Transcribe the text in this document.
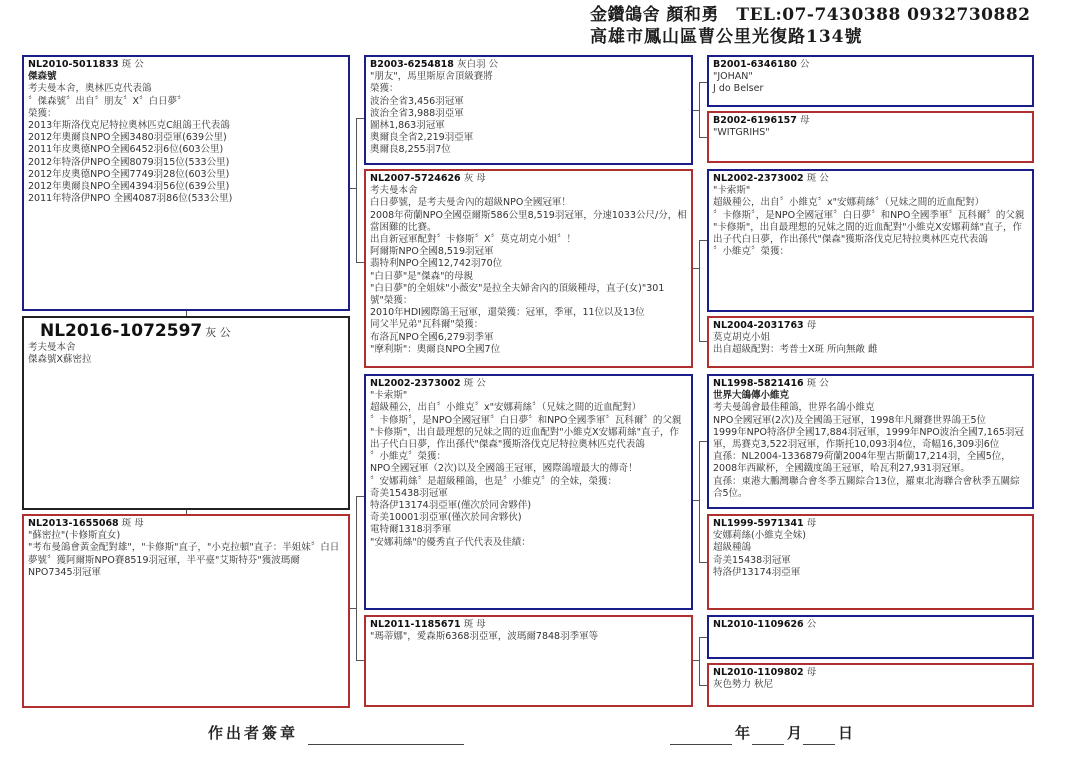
金鑽鴿舍 顏和勇　TEL:07-7430388 0932730882
高雄市鳳山區曹公里光復路134號
NL2010-5011833 斑 公
傑森號
考夫曼本舍，奧林匹克代表鴿
〞傑森號〞出自〞朋友〞X〞白日夢〞
榮獲：
2013年斯洛伐克尼特拉奧林匹克C組鴿王代表鴿
2012年奧爾良NPO全國3480羽亞軍(639公里)
2011年皮奧德NPO全國6452羽6位(603公里)
2012年特洛伊NPO全國8079羽15位(533公里)
2012年皮奧德NPO全國7749羽28位(603公里)
2012年奧爾良NPO全國4394羽56位(639公里)
2011年特洛伊NPO 全國4087羽86位(533公里)
NL2016-1072597 灰 公
考夫曼本舍
傑森號X蘇密拉
NL2013-1655068 斑 母
"蘇密拉"(卡修斯直女)
"考布曼鴿會黃金配對雄"，"卡修斯"直子，"小克拉頓"直子：半姐妹〞白日夢號〞獲阿爾斯NPO賽8519羽冠軍，半平臺"艾斯特芬"獲波瑪爾NPO7345羽冠軍
B2003-6254818 灰白羽 公
"朋友"，馬里斯原舍頂級賽將
榮獲：
波治全省3,456羽冠軍
波治全省3,988羽亞軍
圖林1,863羽冠軍
奧爾良全省2,219羽亞軍
奧爾良8,255羽7位
NL2007-5724626 灰 母
考夫曼本舍
白日夢號，是考夫曼舍內的超級NPO全國冠軍！
2008年荷蘭NPO全國亞爾斯586公里8,519羽冠軍，分速1033公尺/分，相當困難的比賽。
出自新冠軍配對〞卡修斯〞X〞莫克胡克小姐〞！
阿爾斯NPO全國8,519羽冠軍
翡特利NPO全國12,742羽70位
"白日夢"是"傑森"的母親
"白日夢"的全姐妹"小薇安"是拉全夫婦舍內的頂級種母，直子(女)"301號"榮獲：
2010年HDI國際鴿王冠軍，還榮獲：冠軍，季軍，11位以及13位
同父半兄弟"瓦科爾"榮獲：
布洛瓦NPO全國6,279羽季軍
"摩利斯"：奧爾良NPO全國7位
NL2002-2373002 斑 公
"卡索斯"
超級種公，出自〞小維克〞x"安娜莉絲〞（兄妹之間的近血配對）
〞卡修斯〞，是NPO全國冠軍〞白日夢〞和NPO全國季軍〞瓦科爾〞的父親
"卡修斯"，出自最理想的兄妹之間的近血配對"小維克X安娜莉絲"直子，作出子代白日夢，作出孫代"傑森"獲斯洛伐克尼特拉奧林匹克代表鴿
〞小維克〞榮獲：
NPO全國冠軍（2次)以及全國鴿王冠軍，國際鴿壇最大的傳奇！
〞安娜莉絲〞是超級種鴿，也是〞小維克〞的全妹，榮獲：
奇美15438羽冠軍
特洛伊13174羽亞軍(僅次於同舍夥伴)
奇美10001羽亞軍(僅次於同舍夥伙)
電特爾1318羽季軍
"安娜莉絲"的優秀直子代代表及佳績：
NL2011-1185671 斑 母
"瑪蒂娜"，愛森斯6368羽亞軍，波瑪爾7848羽季軍等
B2001-6346180 公
"JOHAN"
J do Belser
B2002-6196157 母
"WITGRIHS"
NL2002-2373002 斑 公
"卡索斯"
超級種公，出自〞小維克〞x"安娜莉絲〞（兄妹之間的近血配對）
〞卡修斯〞，是NPO全國冠軍〞白日夢〞和NPO全國季軍〞瓦科爾〞的父親
"卡修斯"，出自最理想的兄妹之間的近血配對"小維克X安娜莉絲"直子，作出子代白日夢，作出孫代"傑森"獲斯洛伐克尼特拉奧林匹克代表鴿
〞小維克〞榮獲：
NL2004-2031763 母
莫克胡克小姐
出自超級配對：考普士X斑 所向無敵 雌
NL1998-5821416 斑 公
世界大鴿傳小維克
考夫曼鴿會最佳種鴿，世界名鴿小維克
NPO全國冠軍(2次)及全國鴿王冠軍，1998年凡爾賽世界鴿王5位
1999年NPO特洛伊全國17,884羽冠軍，1999年NPO波治全國7,165羽冠軍，馬賽克3,522羽冠軍，作斯托10,093羽4位，奇幅16,309羽6位
直孫：NL2004-1336879荷蘭2004年聖古斯蘭17,214羽，全國5位，2008年西歐杯，全國鐵度鴿王冠軍，哈瓦利27,931羽冠軍。
直孫：東港大鵬灣聯合會冬季五關綜合13位，羅東北海聯合會秋季五關綜合5位。
NL1999-5971341 母
安娜莉絲(小維克全妹)
超級種鴿
奇美15438羽冠軍
特洛伊13174羽亞軍
NL2010-1109626 公
NL2010-1109802 母
灰色勢力 秋尼
作出者簽章	年 月 日
